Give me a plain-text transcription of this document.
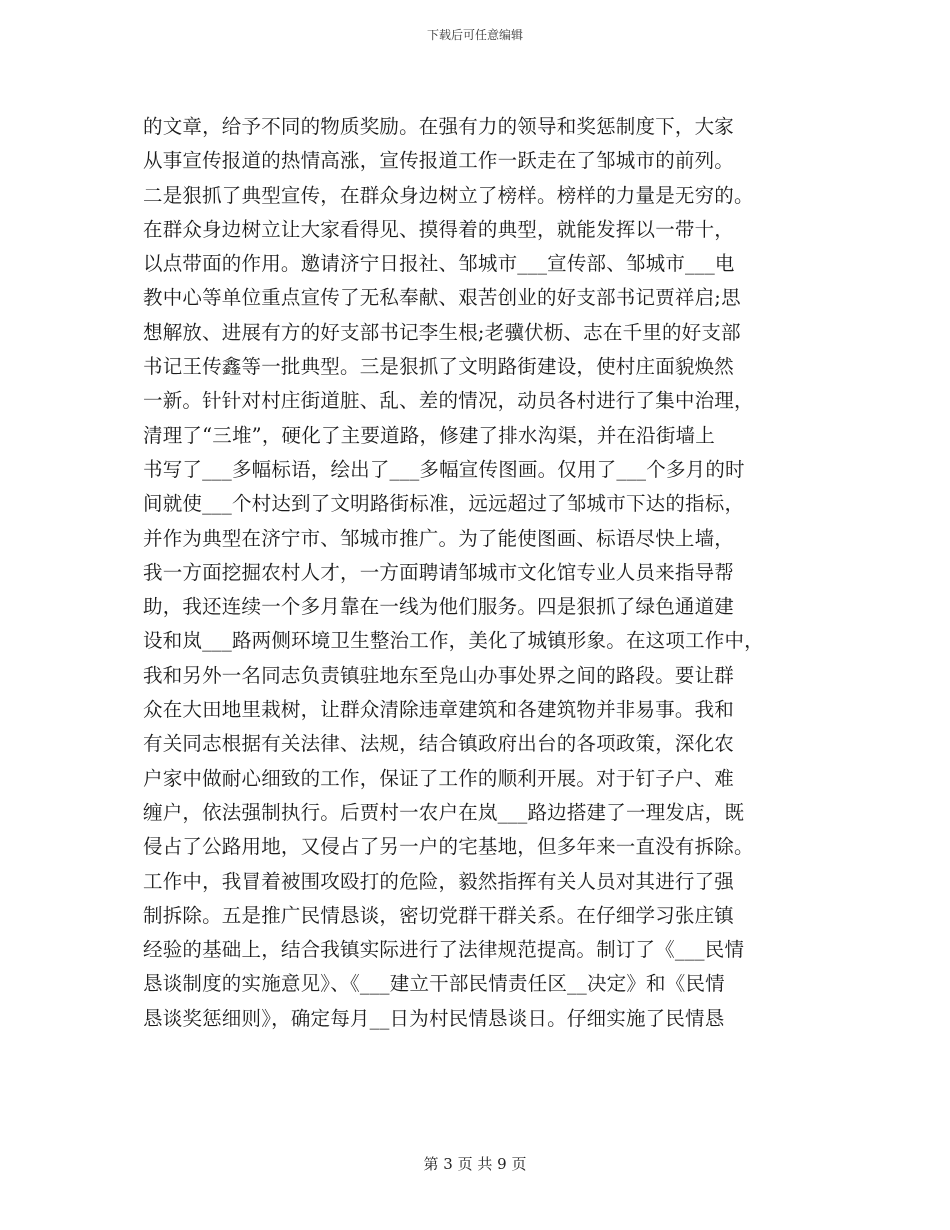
下载后可任意编辑
的文章，给予不同的物质奖励。在强有力的领导和奖惩制度下，大家
从事宣传报道的热情高涨，宣传报道工作一跃走在了邹城市的前列。
二是狠抓了典型宣传，在群众身边树立了榜样。榜样的力量是无穷的。
在群众身边树立让大家看得见、摸得着的典型，就能发挥以一带十，
以点带面的作用。邀请济宁日报社、邹城市___宣传部、邹城市___电
教中心等单位重点宣传了无私奉献、艰苦创业的好支部书记贾祥启;思
想解放、进展有方的好支部书记李生根;老骥伏枥、志在千里的好支部
书记王传鑫等一批典型。三是狠抓了文明路街建设，使村庄面貌焕然
一新。针针对村庄街道脏、乱、差的情况，动员各村进行了集中治理，
清理了“三堆”，硬化了主要道路，修建了排水沟渠，并在沿街墙上
书写了___多幅标语，绘出了___多幅宣传图画。仅用了___个多月的时
间就使___个村达到了文明路街标准，远远超过了邹城市下达的指标，
并作为典型在济宁市、邹城市推广。为了能使图画、标语尽快上墙，
我一方面挖掘农村人才，一方面聘请邹城市文化馆专业人员来指导帮
助，我还连续一个多月靠在一线为他们服务。四是狠抓了绿色通道建
设和岚___路两侧环境卫生整治工作，美化了城镇形象。在这项工作中，
我和另外一名同志负责镇驻地东至凫山办事处界之间的路段。要让群
众在大田地里栽树，让群众清除违章建筑和各建筑物并非易事。我和
有关同志根据有关法律、法规，结合镇政府出台的各项政策，深化农
户家中做耐心细致的工作，保证了工作的顺利开展。对于钉子户、难
缠户，依法强制执行。后贾村一农户在岚___路边搭建了一理发店，既
侵占了公路用地，又侵占了另一户的宅基地，但多年来一直没有拆除。
工作中，我冒着被围攻殴打的危险，毅然指挥有关人员对其进行了强
制拆除。五是推广民情恳谈，密切党群干群关系。在仔细学习张庄镇
经验的基础上，结合我镇实际进行了法律规范提高。制订了《___民情
恳谈制度的实施意见》、《___建立干部民情责任区__决定》和《民情
恳谈奖惩细则》，确定每月__日为村民情恳谈日。仔细实施了民情恳
第 3 页 共 9 页
